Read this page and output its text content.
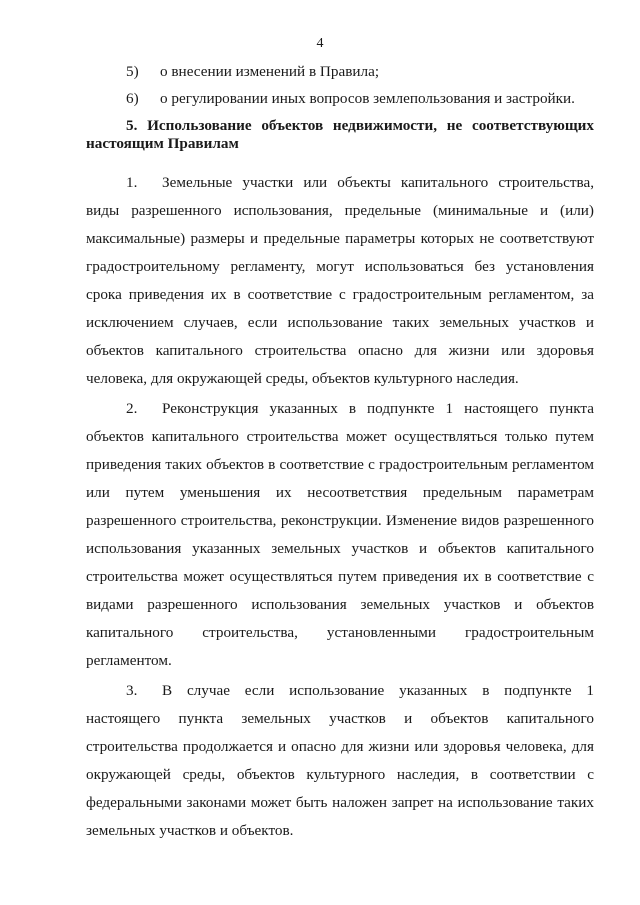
4
5) о внесении изменений в Правила;
6) о регулировании иных вопросов землепользования и застройки.
5. Использование объектов недвижимости, не соответствующих настоящим Правилам
1. Земельные участки или объекты капитального строительства, виды разрешенного использования, предельные (минимальные и (или) максимальные) размеры и предельные параметры которых не соответствуют градостроительному регламенту, могут использоваться без установления срока приведения их в соответствие с градостроительным регламентом, за исключением случаев, если использование таких земельных участков и объектов капитального строительства опасно для жизни или здоровья человека, для окружающей среды, объектов культурного наследия.
2. Реконструкция указанных в подпункте 1 настоящего пункта объектов капитального строительства может осуществляться только путем приведения таких объектов в соответствие с градостроительным регламентом или путем уменьшения их несоответствия предельным параметрам разрешенного строительства, реконструкции. Изменение видов разрешенного использования указанных земельных участков и объектов капитального строительства может осуществляться путем приведения их в соответствие с видами разрешенного использования земельных участков и объектов капитального строительства, установленными градостроительным регламентом.
3. В случае если использование указанных в подпункте 1 настоящего пункта земельных участков и объектов капитального строительства продолжается и опасно для жизни или здоровья человека, для окружающей среды, объектов культурного наследия, в соответствии с федеральными законами может быть наложен запрет на использование таких земельных участков и объектов.
